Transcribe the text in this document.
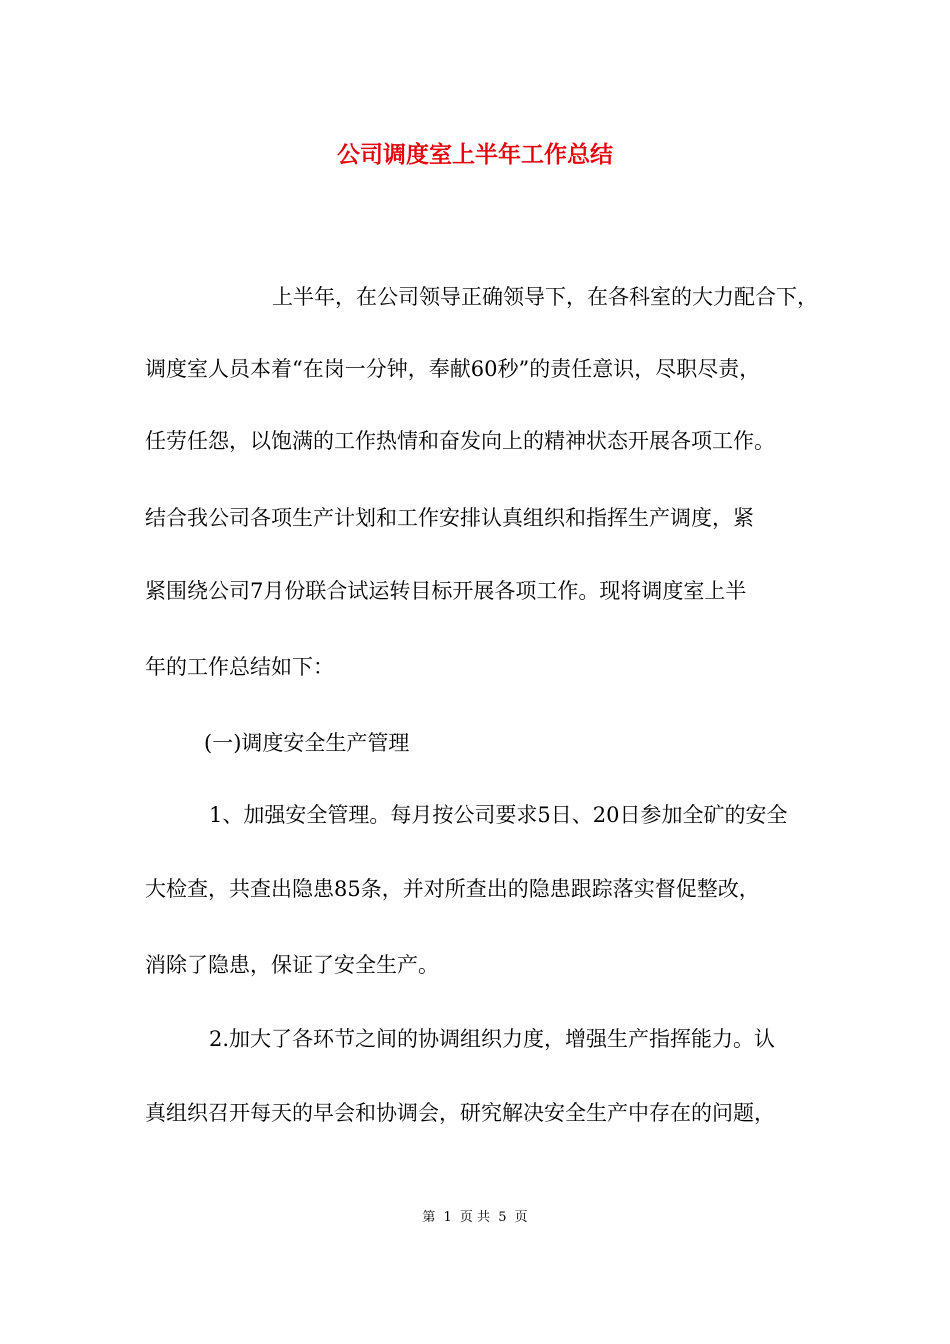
公司调度室上半年工作总结

　　上半年，在公司领导正确领导下，在各科室的大力配合下，

调度室人员本着“在岗一分钟，奉献60秒”的责任意识，尽职尽责，

任劳任怨，以饱满的工作热情和奋发向上的精神状态开展各项工作。

结合我公司各项生产计划和工作安排认真组织和指挥生产调度，紧

紧围绕公司7月份联合试运转目标开展各项工作。现将调度室上半

年的工作总结如下：

　(一)调度安全生产管理

　1、加强安全管理。每月按公司要求5日、20日参加全矿的安全

大检查，共查出隐患85条，并对所查出的隐患跟踪落实督促整改，

消除了隐患，保证了安全生产。

　2.加大了各环节之间的协调组织力度，增强生产指挥能力。认

真组织召开每天的早会和协调会，研究解决安全生产中存在的问题，

第 1 页 共 5 页
